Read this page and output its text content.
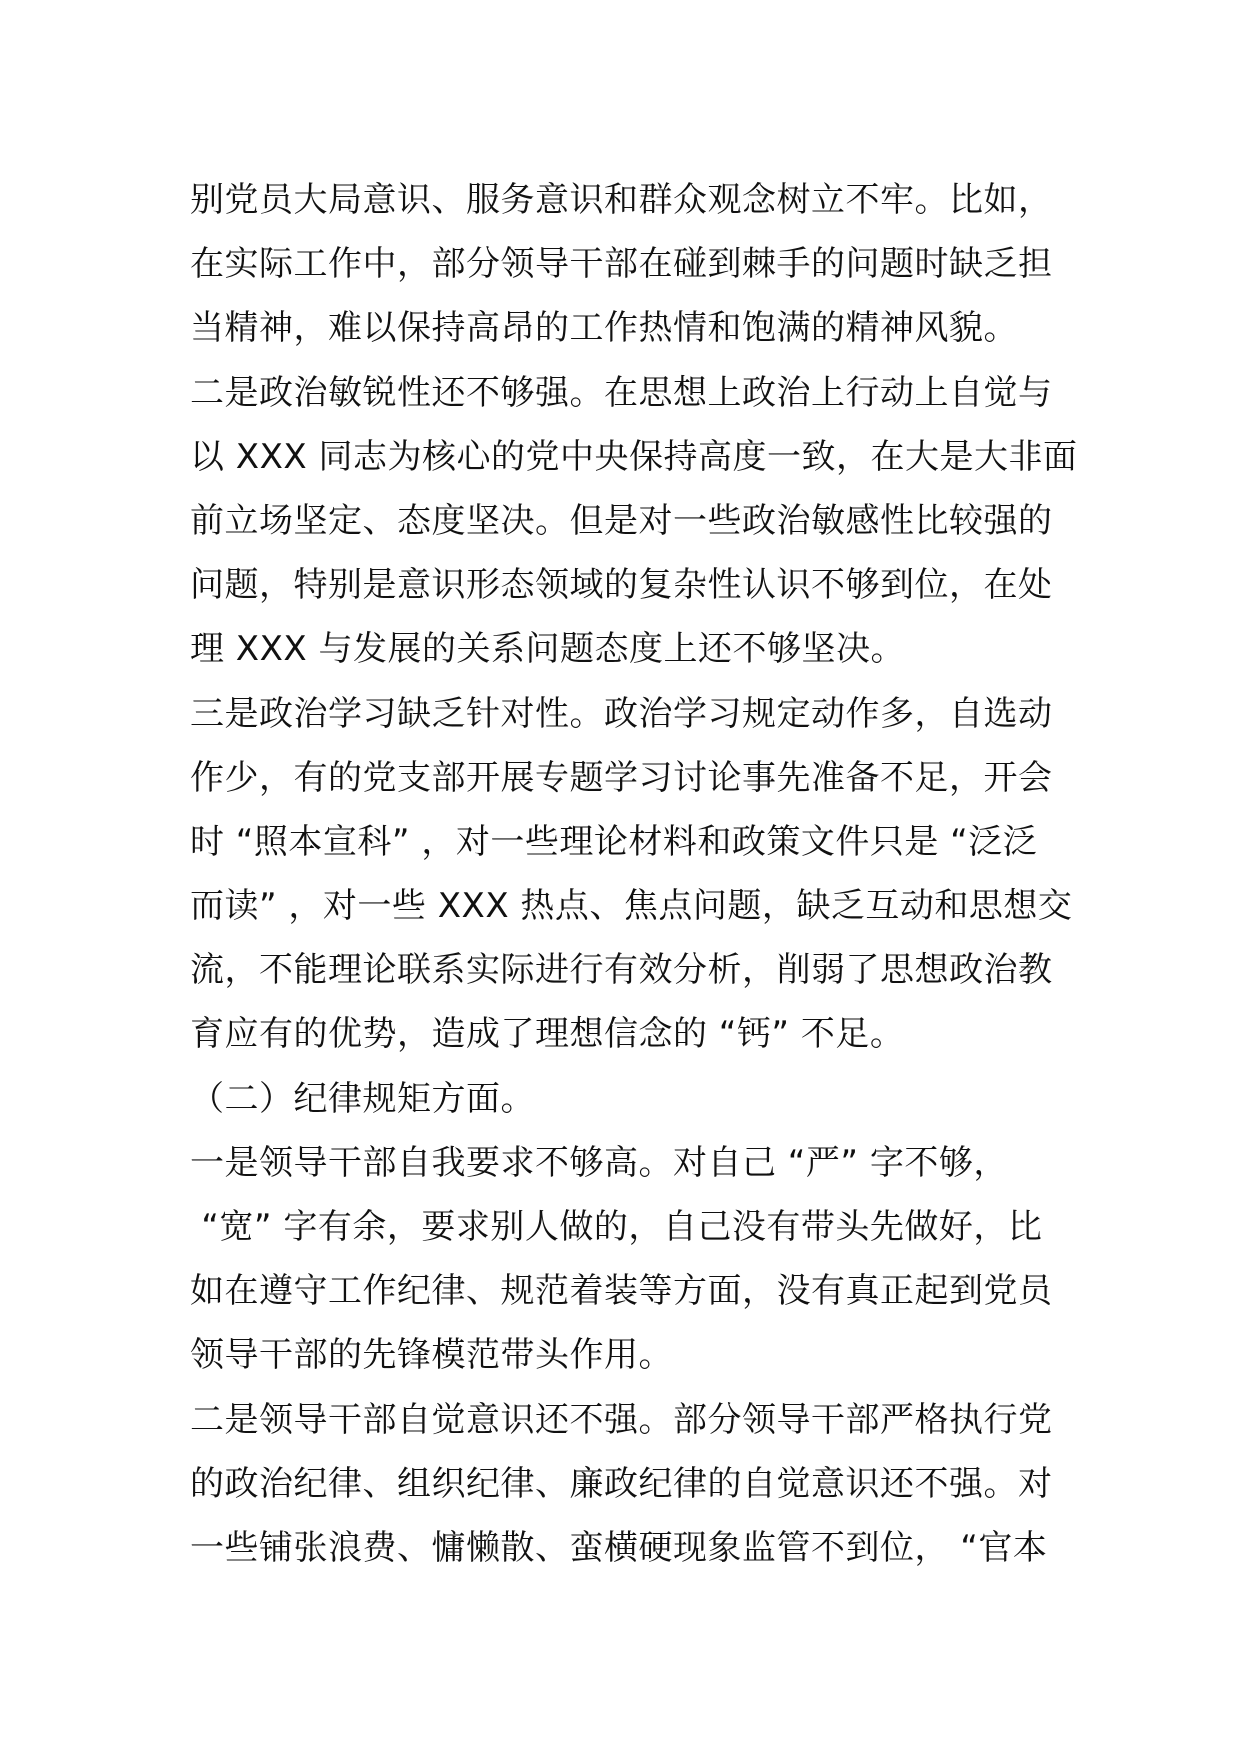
别党员大局意识、服务意识和群众观念树立不牢。比如，
在实际工作中，部分领导干部在碰到棘手的问题时缺乏担
当精神，难以保持高昂的工作热情和饱满的精神风貌。
二是政治敏锐性还不够强。在思想上政治上行动上自觉与
以 XXX 同志为核心的党中央保持高度一致，在大是大非面
前立场坚定、态度坚决。但是对一些政治敏感性比较强的
问题，特别是意识形态领域的复杂性认识不够到位，在处
理 XXX 与发展的关系问题态度上还不够坚决。
三是政治学习缺乏针对性。政治学习规定动作多，自选动
作少，有的党支部开展专题学习讨论事先准备不足，开会
时 “照本宣科” ，对一些理论材料和政策文件只是 “泛泛
而读” ，对一些 XXX 热点、焦点问题，缺乏互动和思想交
流，不能理论联系实际进行有效分析，削弱了思想政治教
育应有的优势，造成了理想信念的 “钙” 不足。
（二）纪律规矩方面。
一是领导干部自我要求不够高。对自己 “严” 字不够，
“宽” 字有余，要求别人做的，自己没有带头先做好，比
如在遵守工作纪律、规范着装等方面，没有真正起到党员
领导干部的先锋模范带头作用。
二是领导干部自觉意识还不强。部分领导干部严格执行党
的政治纪律、组织纪律、廉政纪律的自觉意识还不强。对
一些铺张浪费、慵懒散、蛮横硬现象监管不到位， “官本
